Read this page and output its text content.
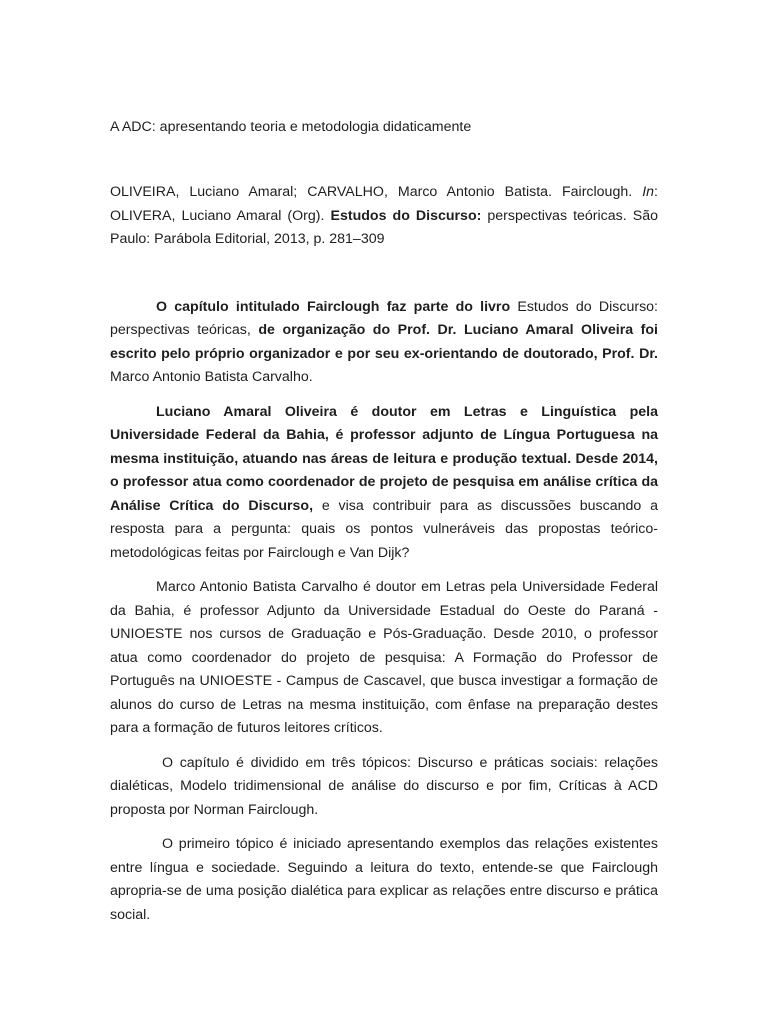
A ADC: apresentando teoria e metodologia didaticamente

OLIVEIRA, Luciano Amaral; CARVALHO, Marco Antonio Batista. Fairclough. In: OLIVERA, Luciano Amaral (Org). Estudos do Discurso: perspectivas teóricas. São Paulo: Parábola Editorial, 2013, p. 281–309

O capítulo intitulado Fairclough faz parte do livro Estudos do Discurso: perspectivas teóricas, de organização do Prof. Dr. Luciano Amaral Oliveira foi escrito pelo próprio organizador e por seu ex-orientando de doutorado, Prof. Dr. Marco Antonio Batista Carvalho.

Luciano Amaral Oliveira é doutor em Letras e Linguística pela Universidade Federal da Bahia, é professor adjunto de Língua Portuguesa na mesma instituição, atuando nas áreas de leitura e produção textual. Desde 2014, o professor atua como coordenador de projeto de pesquisa em análise crítica da Análise Crítica do Discurso, e visa contribuir para as discussões buscando a resposta para a pergunta: quais os pontos vulneráveis das propostas teórico-metodológicas feitas por Fairclough e Van Dijk?

Marco Antonio Batista Carvalho é doutor em Letras pela Universidade Federal da Bahia, é professor Adjunto da Universidade Estadual do Oeste do Paraná - UNIOESTE nos cursos de Graduação e Pós-Graduação. Desde 2010, o professor atua como coordenador do projeto de pesquisa: A Formação do Professor de Português na UNIOESTE - Campus de Cascavel, que busca investigar a formação de alunos do curso de Letras na mesma instituição, com ênfase na preparação destes para a formação de futuros leitores críticos.

O capítulo é dividido em três tópicos: Discurso e práticas sociais: relações dialéticas, Modelo tridimensional de análise do discurso e por fim, Críticas à ACD proposta por Norman Fairclough.

O primeiro tópico é iniciado apresentando exemplos das relações existentes entre língua e sociedade. Seguindo a leitura do texto, entende-se que Fairclough apropria-se de uma posição dialética para explicar as relações entre discurso e prática social.
